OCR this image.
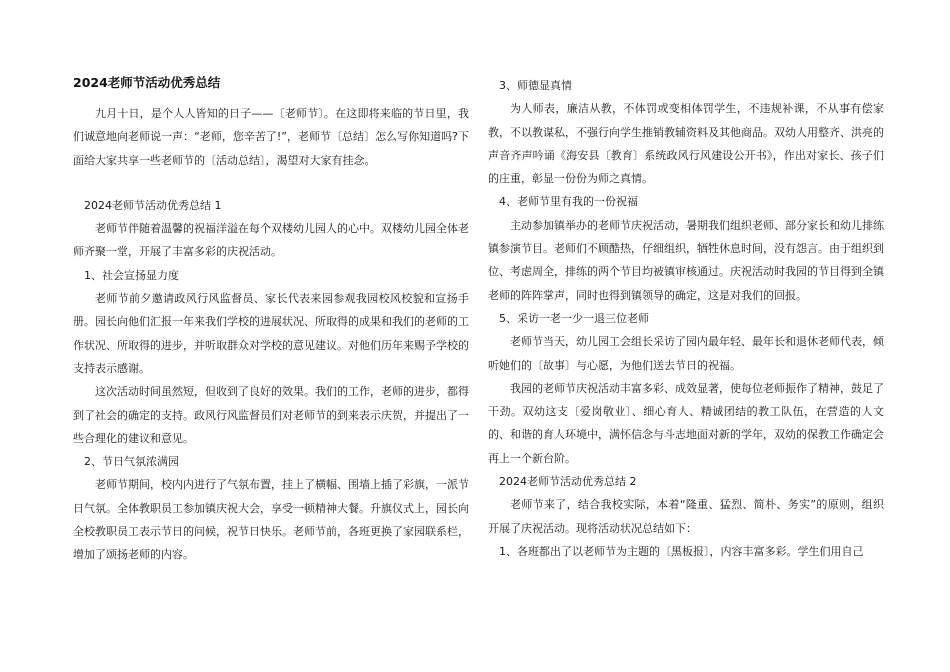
2024老师节活动优秀总结

九月十日，是个人人皆知的日子——〔老师节〕。在这即将来临的节日里，我们诚意地向老师说一声：“老师，您辛苦了!”，老师节〔总结〕怎么写你知道吗?下面给大家共享一些老师节的〔活动总结〕，渴望对大家有挂念。

2024老师节活动优秀总结 1

老师节伴随着温馨的祝福洋溢在每个双楼幼儿园人的心中。双楼幼儿园全体老师齐聚一堂，开展了丰富多彩的庆祝活动。

1、社会宣扬显力度

老师节前夕邀请政风行风监督员、家长代表来园参观我园校风校貌和宣扬手册。园长向他们汇报一年来我们学校的进展状况、所取得的成果和我们的老师的工作状况、所取得的进步，并听取群众对学校的意见建议。对他们历年来赐予学校的支持表示感谢。

这次活动时间虽然短，但收到了良好的效果。我们的工作，老师的进步，都得到了社会的确定的支持。政风行风监督员们对老师节的到来表示庆贺，并提出了一些合理化的建议和意见。

2、节日气氛浓满园

老师节期间，校内内进行了气氛布置，挂上了横幅、围墙上插了彩旗，一派节日气氛。全体教职员工参加镇庆祝大会，享受一顿精神大餐。升旗仪式上，园长向全校教职员工表示节日的问候，祝节日快乐。老师节前，各班更换了家园联系栏，增加了颂扬老师的内容。

3、师德显真情

为人师表，廉洁从教，不体罚或变相体罚学生，不违规补课，不从事有偿家教，不以教谋私，不强行向学生推销教辅资料及其他商品。双幼人用整齐、洪亮的声音齐声吟诵《海安县〔教育〕系统政风行风建设公开书》，作出对家长、孩子们的庄重，彰显一份份为师之真情。

4、老师节里有我的一份祝福

主动参加镇举办的老师节庆祝活动，暑期我们组织老师、部分家长和幼儿排练镇参演节目。老师们不顾酷热，仔细组织，牺牲休息时间，没有怨言。由于组织到位、考虑周全，排练的两个节目均被镇审核通过。庆祝活动时我园的节目得到全镇老师的阵阵掌声，同时也得到镇领导的确定，这是对我们的回报。

5、采访一老一少一退三位老师

老师节当天，幼儿园工会组长采访了园内最年轻、最年长和退休老师代表，倾听她们的〔故事〕与心愿，为他们送去节日的祝福。

我园的老师节庆祝活动丰富多彩、成效显著，使每位老师振作了精神，鼓足了干劲。双幼这支〔爱岗敬业〕、细心育人、精诚团结的教工队伍，在营造的人文的、和谐的育人环境中，满怀信念与斗志地面对新的学年，双幼的保教工作确定会再上一个新台阶。

2024老师节活动优秀总结 2

老师节来了，结合我校实际，本着“隆重、猛烈、简朴、务实”的原则，组织开展了庆祝活动。现将活动状况总结如下：

1、各班都出了以老师节为主题的〔黑板报〕，内容丰富多彩。学生们用自己
